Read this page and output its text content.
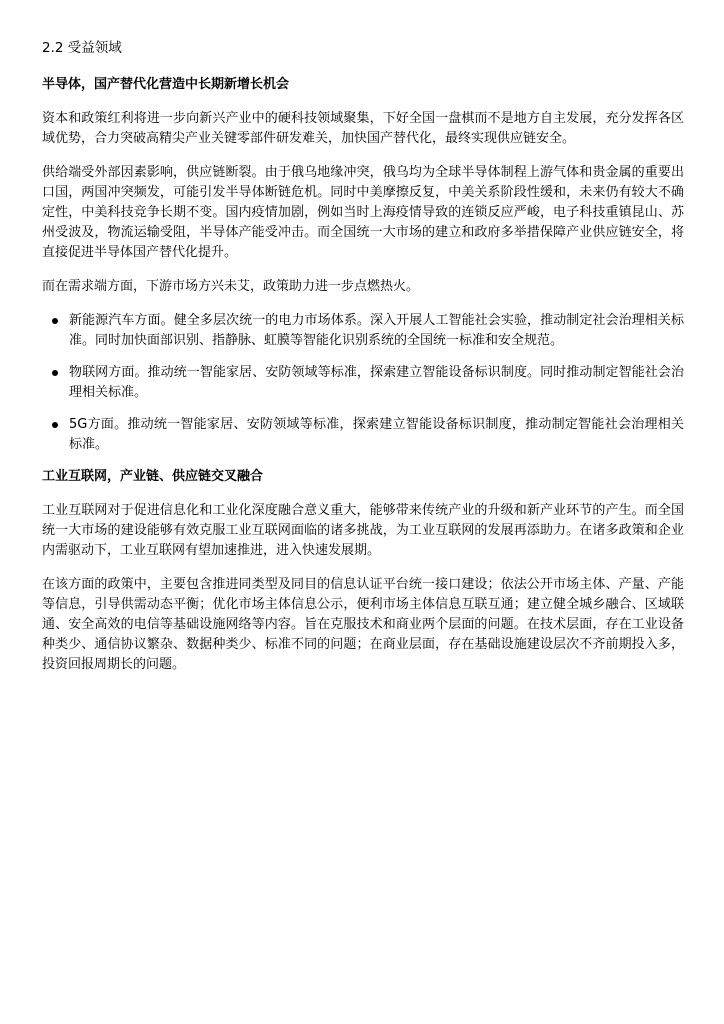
2.2 受益领域
半导体，国产替代化营造中长期新增长机会

资本和政策红利将进一步向新兴产业中的硬科技领域聚集，下好全国一盘棋而不是地方自主发展，充分发挥各区域优势，合力突破高精尖产业关键零部件研发难关，加快国产替代化，最终实现供应链安全。

供给端受外部因素影响，供应链断裂。由于俄乌地缘冲突，俄乌均为全球半导体制程上游气体和贵金属的重要出口国，两国冲突频发，可能引发半导体断链危机。同时中美摩擦反复，中美关系阶段性缓和，未来仍有较大不确定性，中美科技竞争长期不变。国内疫情加剧，例如当时上海疫情导致的连锁反应严峻，电子科技重镇昆山、苏州受波及，物流运输受阻，半导体产能受冲击。而全国统一大市场的建立和政府多举措保障产业供应链安全，将直接促进半导体国产替代化提升。

而在需求端方面，下游市场方兴未艾，政策助力进一步点燃热火。

新能源汽车方面。健全多层次统一的电力市场体系。深入开展人工智能社会实验，推动制定社会治理相关标准。同时加快面部识别、指静脉、虹膜等智能化识别系统的全国统一标准和安全规范。
物联网方面。推动统一智能家居、安防领域等标准，探索建立智能设备标识制度。同时推动制定智能社会治理相关标准。
5G方面。推动统一智能家居、安防领域等标准，探索建立智能设备标识制度，推动制定智能社会治理相关标准。
工业互联网，产业链、供应链交叉融合

工业互联网对于促进信息化和工业化深度融合意义重大，能够带来传统产业的升级和新产业环节的产生。而全国统一大市场的建设能够有效克服工业互联网面临的诸多挑战，为工业互联网的发展再添助力。在诸多政策和企业内需驱动下，工业互联网有望加速推进，进入快速发展期。

在该方面的政策中，主要包含推进同类型及同目的信息认证平台统一接口建设；依法公开市场主体、产量、产能等信息，引导供需动态平衡；优化市场主体信息公示，便利市场主体信息互联互通；建立健全城乡融合、区域联通、安全高效的电信等基础设施网络等内容。旨在克服技术和商业两个层面的问题。在技术层面，存在工业设备种类少、通信协议繁杂、数据种类少、标准不同的问题；在商业层面，存在基础设施建设层次不齐前期投入多，投资回报周期长的问题。
